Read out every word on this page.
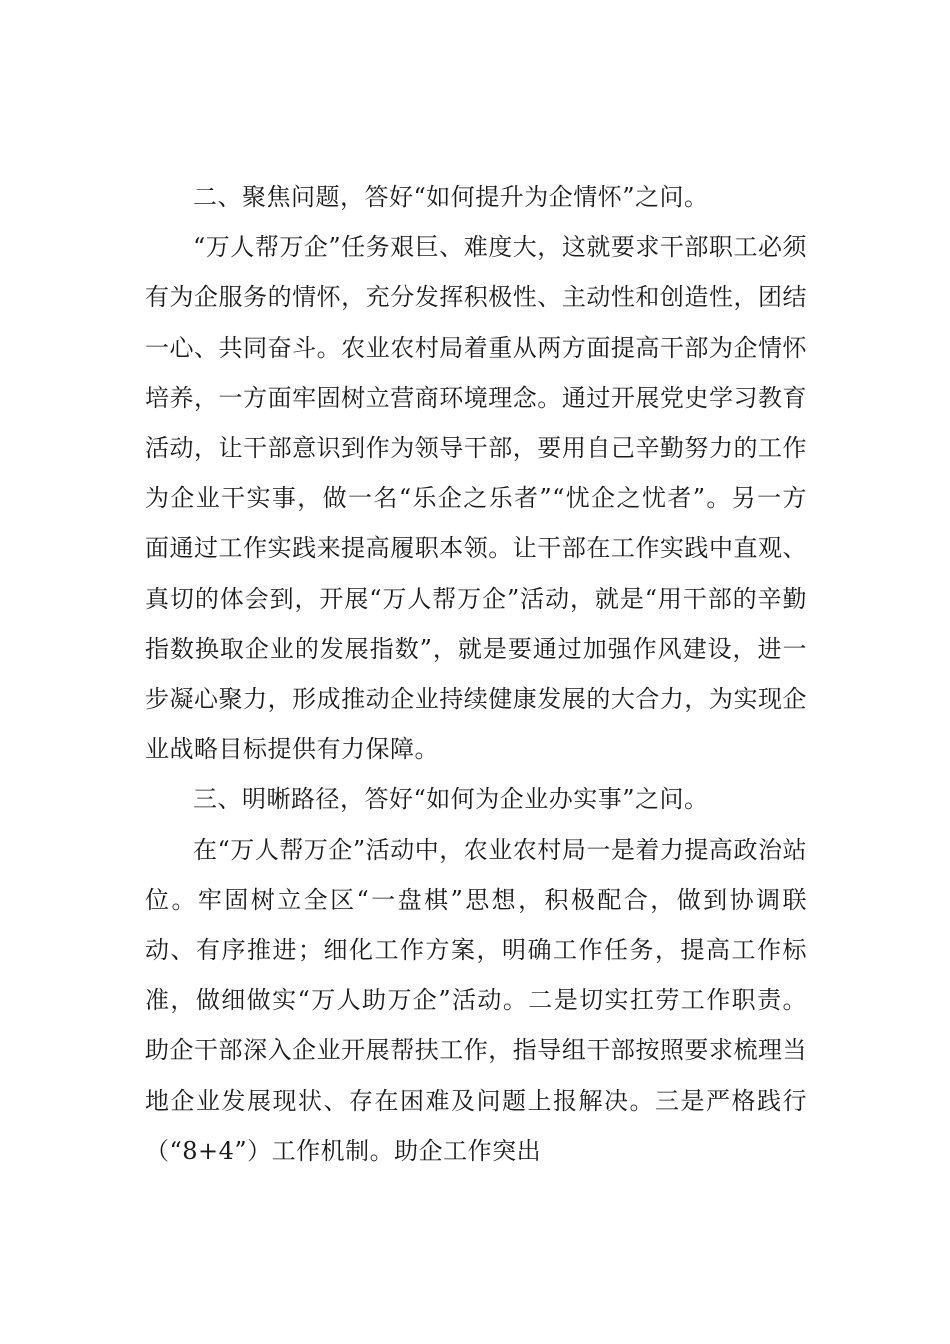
二、聚焦问题，答好“如何提升为企情怀”之问。

“万人帮万企”任务艰巨、难度大，这就要求干部职工必须有为企服务的情怀，充分发挥积极性、主动性和创造性，团结一心、共同奋斗。农业农村局着重从两方面提高干部为企情怀培养，一方面牢固树立营商环境理念。通过开展党史学习教育活动，让干部意识到作为领导干部，要用自己辛勤努力的工作为企业干实事，做一名“乐企之乐者”“忧企之忧者”。另一方面通过工作实践来提高履职本领。让干部在工作实践中直观、真切的体会到，开展“万人帮万企”活动，就是“用干部的辛勤指数换取企业的发展指数”，就是要通过加强作风建设，进一步凝心聚力，形成推动企业持续健康发展的大合力，为实现企业战略目标提供有力保障。

三、明晰路径，答好“如何为企业办实事”之问。

在“万人帮万企”活动中，农业农村局一是着力提高政治站位。牢固树立全区“一盘棋”思想，积极配合，做到协调联动、有序推进；细化工作方案，明确工作任务，提高工作标准，做细做实“万人助万企”活动。二是切实扛劳工作职责。助企干部深入企业开展帮扶工作，指导组干部按照要求梳理当地企业发展现状、存在困难及问题上报解决。三是严格践行（“8+4”）工作机制。助企工作突出
